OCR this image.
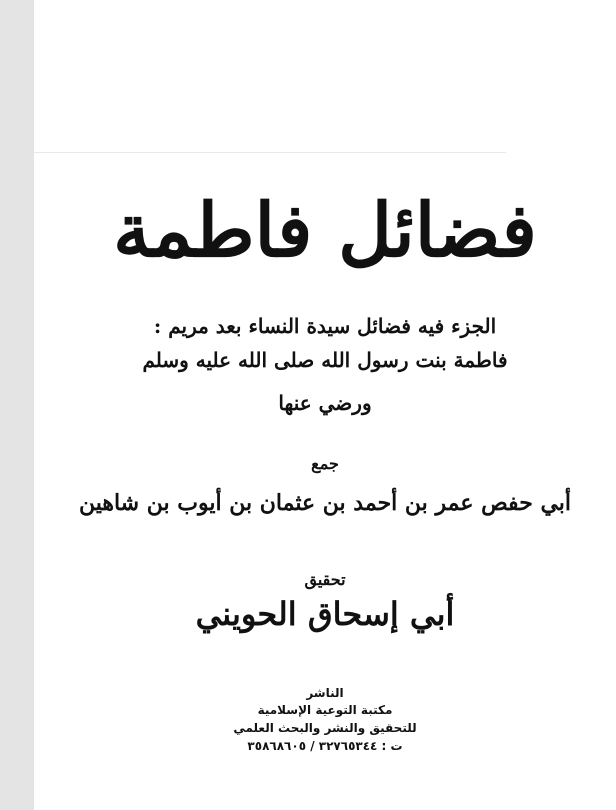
فضائل فاطمة
الجزء فيه فضائل سيدة النساء بعد مريم :
فاطمة بنت رسول الله صلى الله عليه وسلم
ورضي عنها
جمع
أبي حفص عمر بن أحمد بن عثمان بن أيوب بن شاهين
تحقيق
أبي إسحاق الحويني
الناشر
مكتبة التوعية الإسلامية
للتحقيق والنشر والبحث العلمي
ت : ٣٢٧٦٥٣٤٤ / ٣٥٨٦٨٦٠٥
